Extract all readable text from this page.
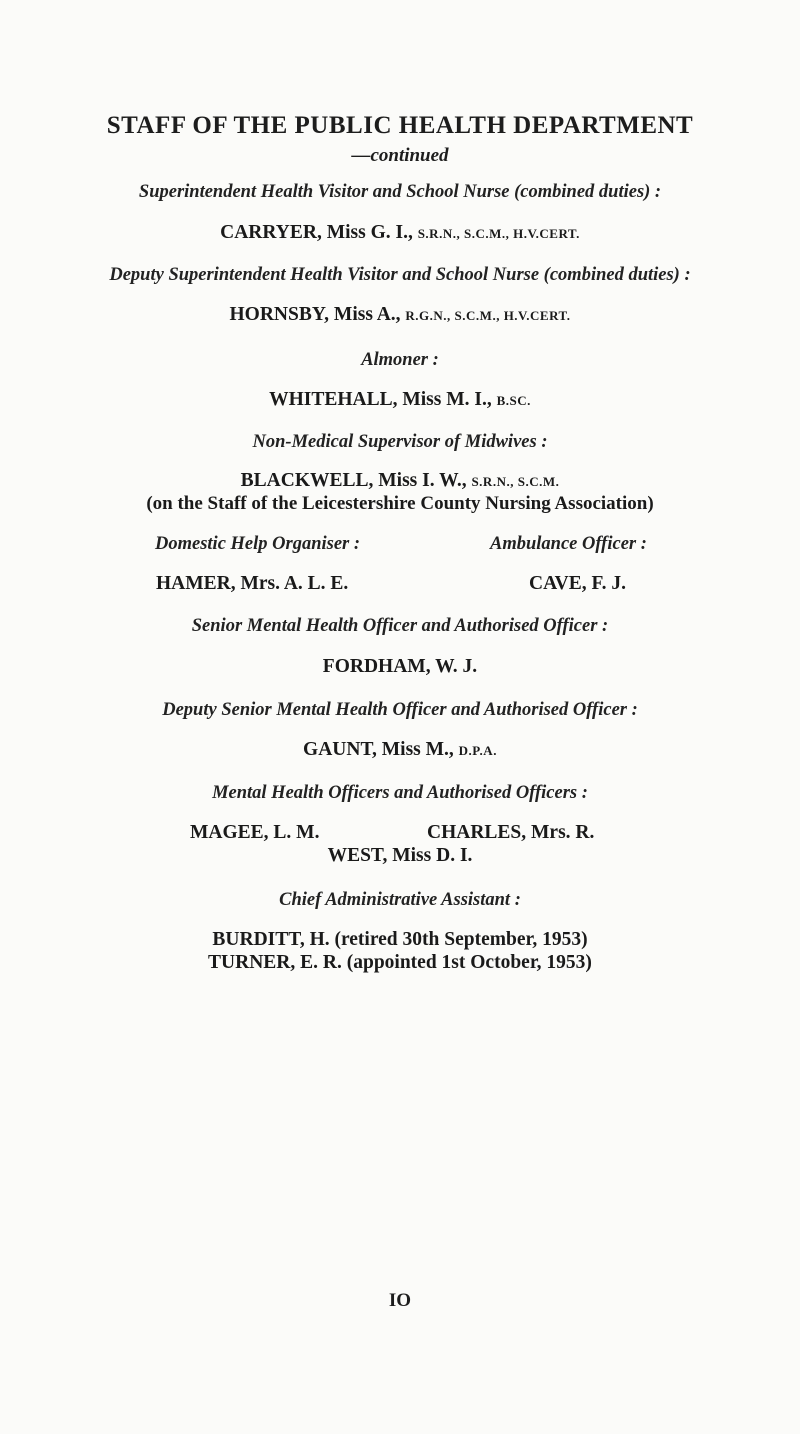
STAFF OF THE PUBLIC HEALTH DEPARTMENT
—continued
Superintendent Health Visitor and School Nurse (combined duties) :
CARRYER, Miss G. I., S.R.N., S.C.M., H.V.CERT.
Deputy Superintendent Health Visitor and School Nurse (combined duties) :
HORNSBY, Miss A., R.G.N., S.C.M., H.V.CERT.
Almoner :
WHITEHALL, Miss M. I., B.SC.
Non-Medical Supervisor of Midwives :
BLACKWELL, Miss I. W., S.R.N., S.C.M.
(on the Staff of the Leicestershire County Nursing Association)
Domestic Help Organiser :
HAMER, Mrs. A. L. E.
Ambulance Officer :
CAVE, F. J.
Senior Mental Health Officer and Authorised Officer :
FORDHAM, W. J.
Deputy Senior Mental Health Officer and Authorised Officer :
GAUNT, Miss M., D.P.A.
Mental Health Officers and Authorised Officers :
MAGEE, L. M.	CHARLES, Mrs. R.
WEST, Miss D. I.
Chief Administrative Assistant :
BURDITT, H. (retired 30th September, 1953)
TURNER, E. R. (appointed 1st October, 1953)
IO
